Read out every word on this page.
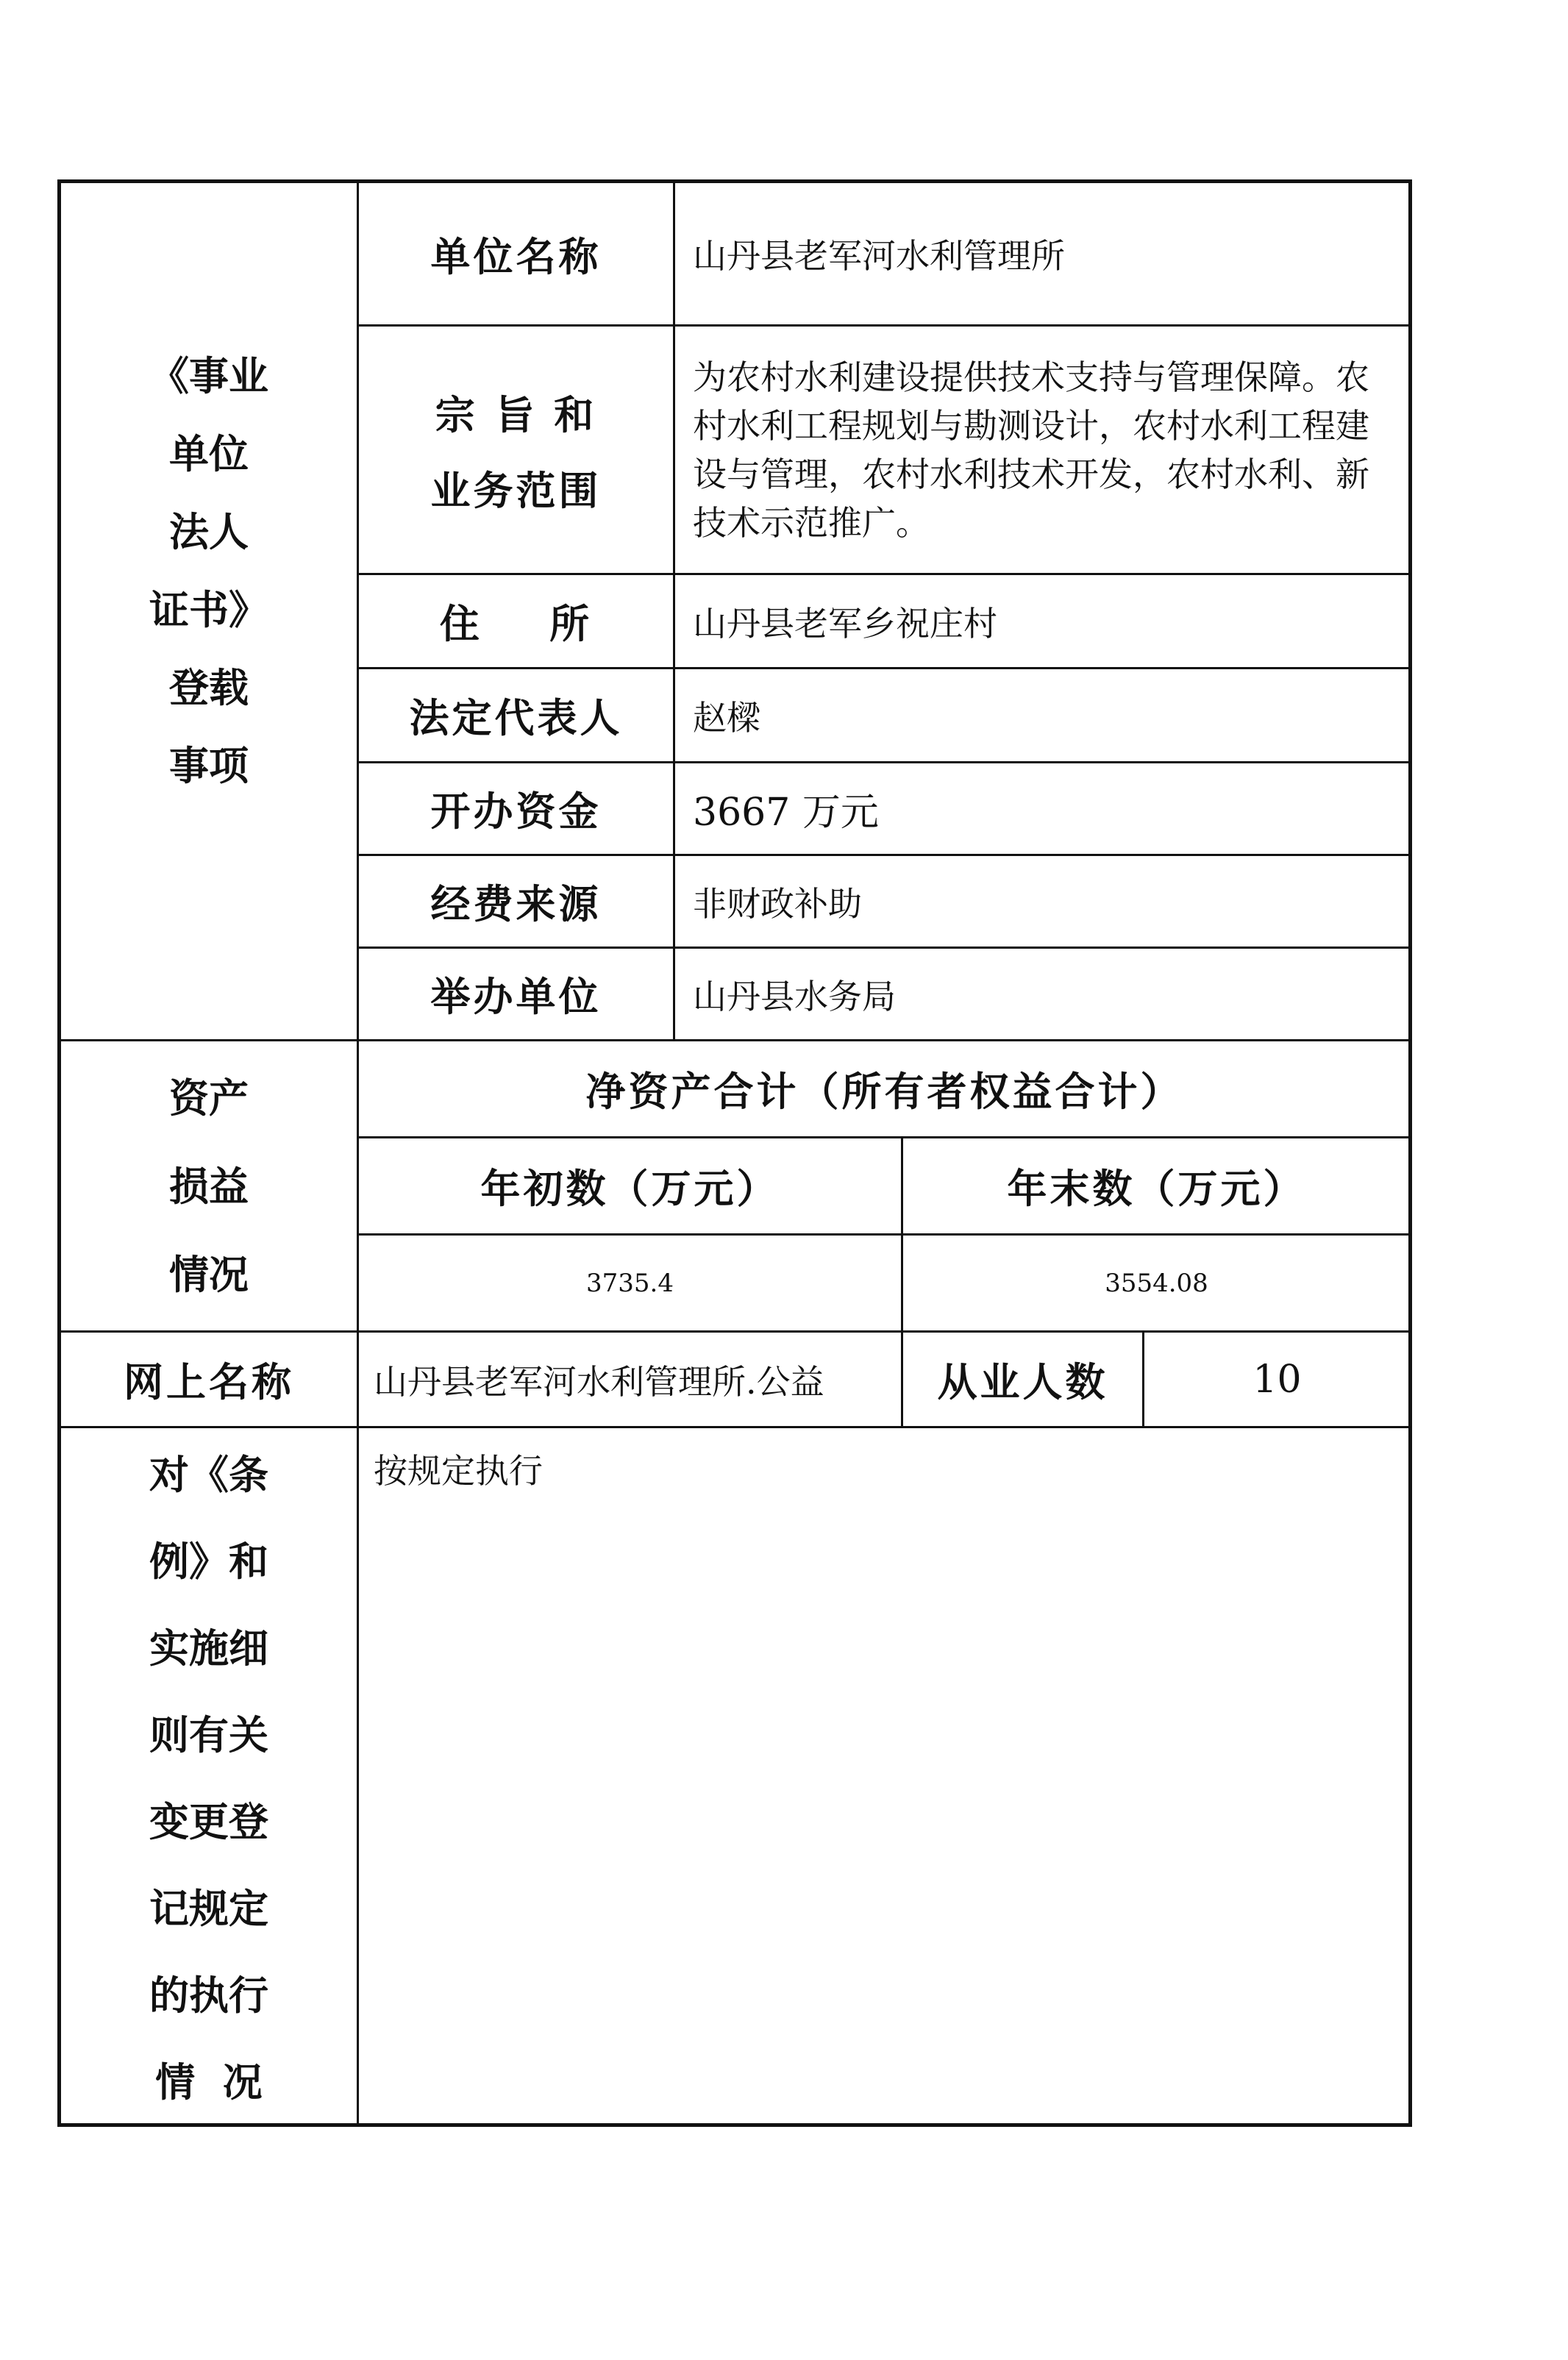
《事业
单位
法人
证书》
登载
事项
单位名称	山丹县老军河水利管理所
宗 旨 和
业务范围
为农村水利建设提供技术支持与管理保障。农村水利工程规划与勘测设计，农村水利工程建设与管理，农村水利技术开发，农村水利、新技术示范推广。
住    所	山丹县老军乡祝庄村
法定代表人	赵樑
开办资金	3667 万元
经费来源	非财政补助
举办单位	山丹县水务局
资产
损益
情况
净资产合计（所有者权益合计）
年初数（万元）	年末数（万元）
3735.4	3554.08
网上名称	山丹县老军河水利管理所.公益	从业人数	10
对《条
例》和
实施细
则有关
变更登
记规定
的执行
情  况
按规定执行
